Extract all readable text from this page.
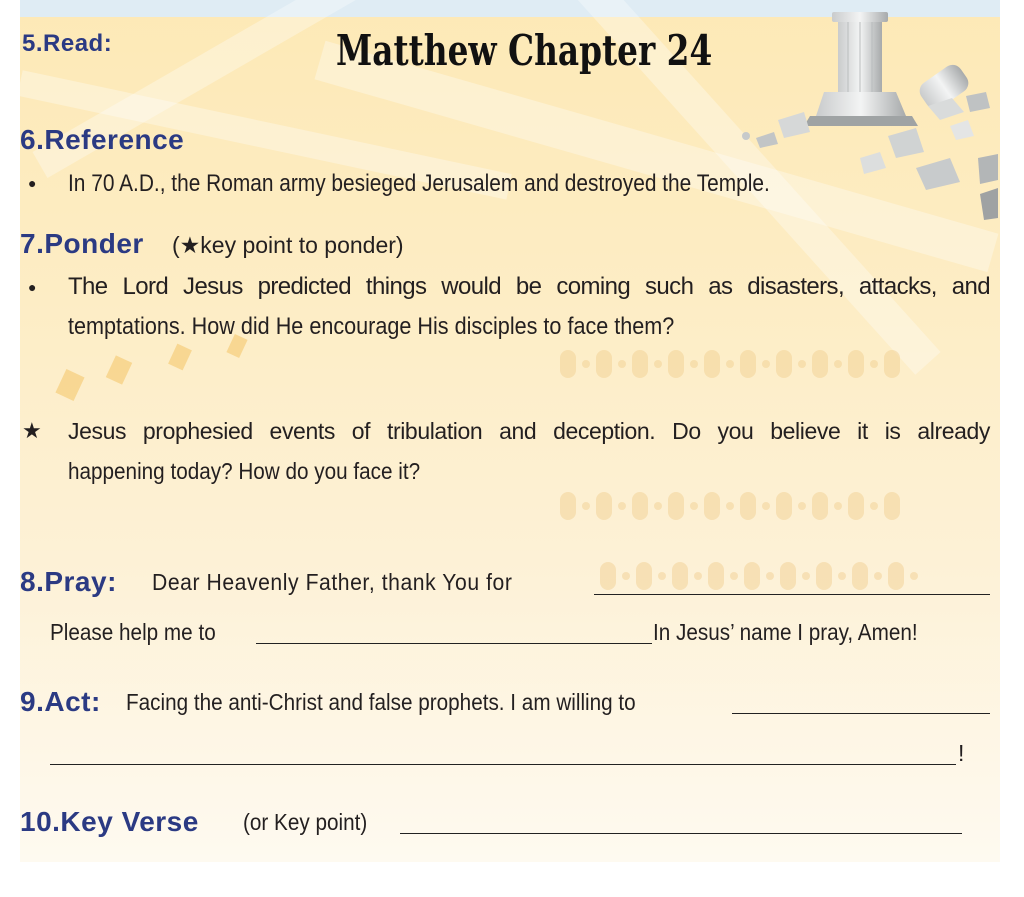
5.Read:	Matthew Chapter 24
6.Reference
● In 70 A.D., the Roman army besieged Jerusalem and destroyed the Temple.
7.Ponder (★key point to ponder)
● The Lord Jesus predicted things would be coming such as disasters, attacks, and
temptations. How did He encourage His disciples to face them?
★ Jesus prophesied events of tribulation and deception. Do you believe it is already
happening today? How do you face it?
8.Pray: Dear Heavenly Father, thank You for
Please help me to	In Jesus’ name I pray, Amen!
9.Act: Facing the anti-Christ and false prophets. I am willing to
!
10.Key Verse (or Key point)
